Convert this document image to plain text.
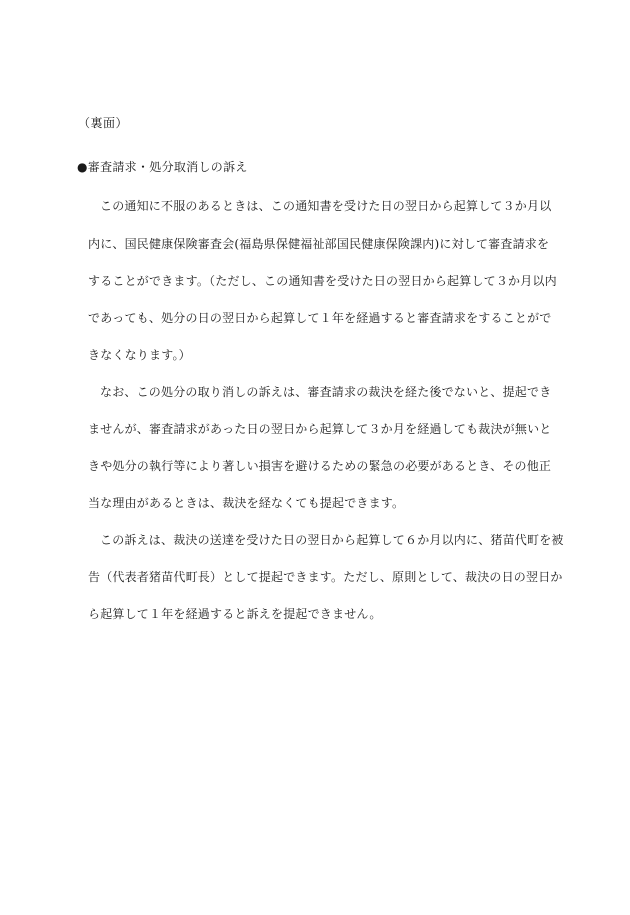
（裏面）
●審査請求・処分取消しの訴え
この通知に不服のあるときは、この通知書を受けた日の翌日から起算して３か月以
内に、国民健康保険審査会(福島県保健福祉部国民健康保険課内)に対して審査請求を
することができます。（ただし、この通知書を受けた日の翌日から起算して３か月以内
であっても、処分の日の翌日から起算して１年を経過すると審査請求をすることがで
きなくなります。）
なお、この処分の取り消しの訴えは、審査請求の裁決を経た後でないと、提起でき
ませんが、審査請求があった日の翌日から起算して３か月を経過しても裁決が無いと
きや処分の執行等により著しい損害を避けるための緊急の必要があるとき、その他正
当な理由があるときは、裁決を経なくても提起できます。
この訴えは、裁決の送達を受けた日の翌日から起算して６か月以内に、猪苗代町を被
告（代表者猪苗代町長）として提起できます。ただし、原則として、裁決の日の翌日か
ら起算して１年を経過すると訴えを提起できません。
